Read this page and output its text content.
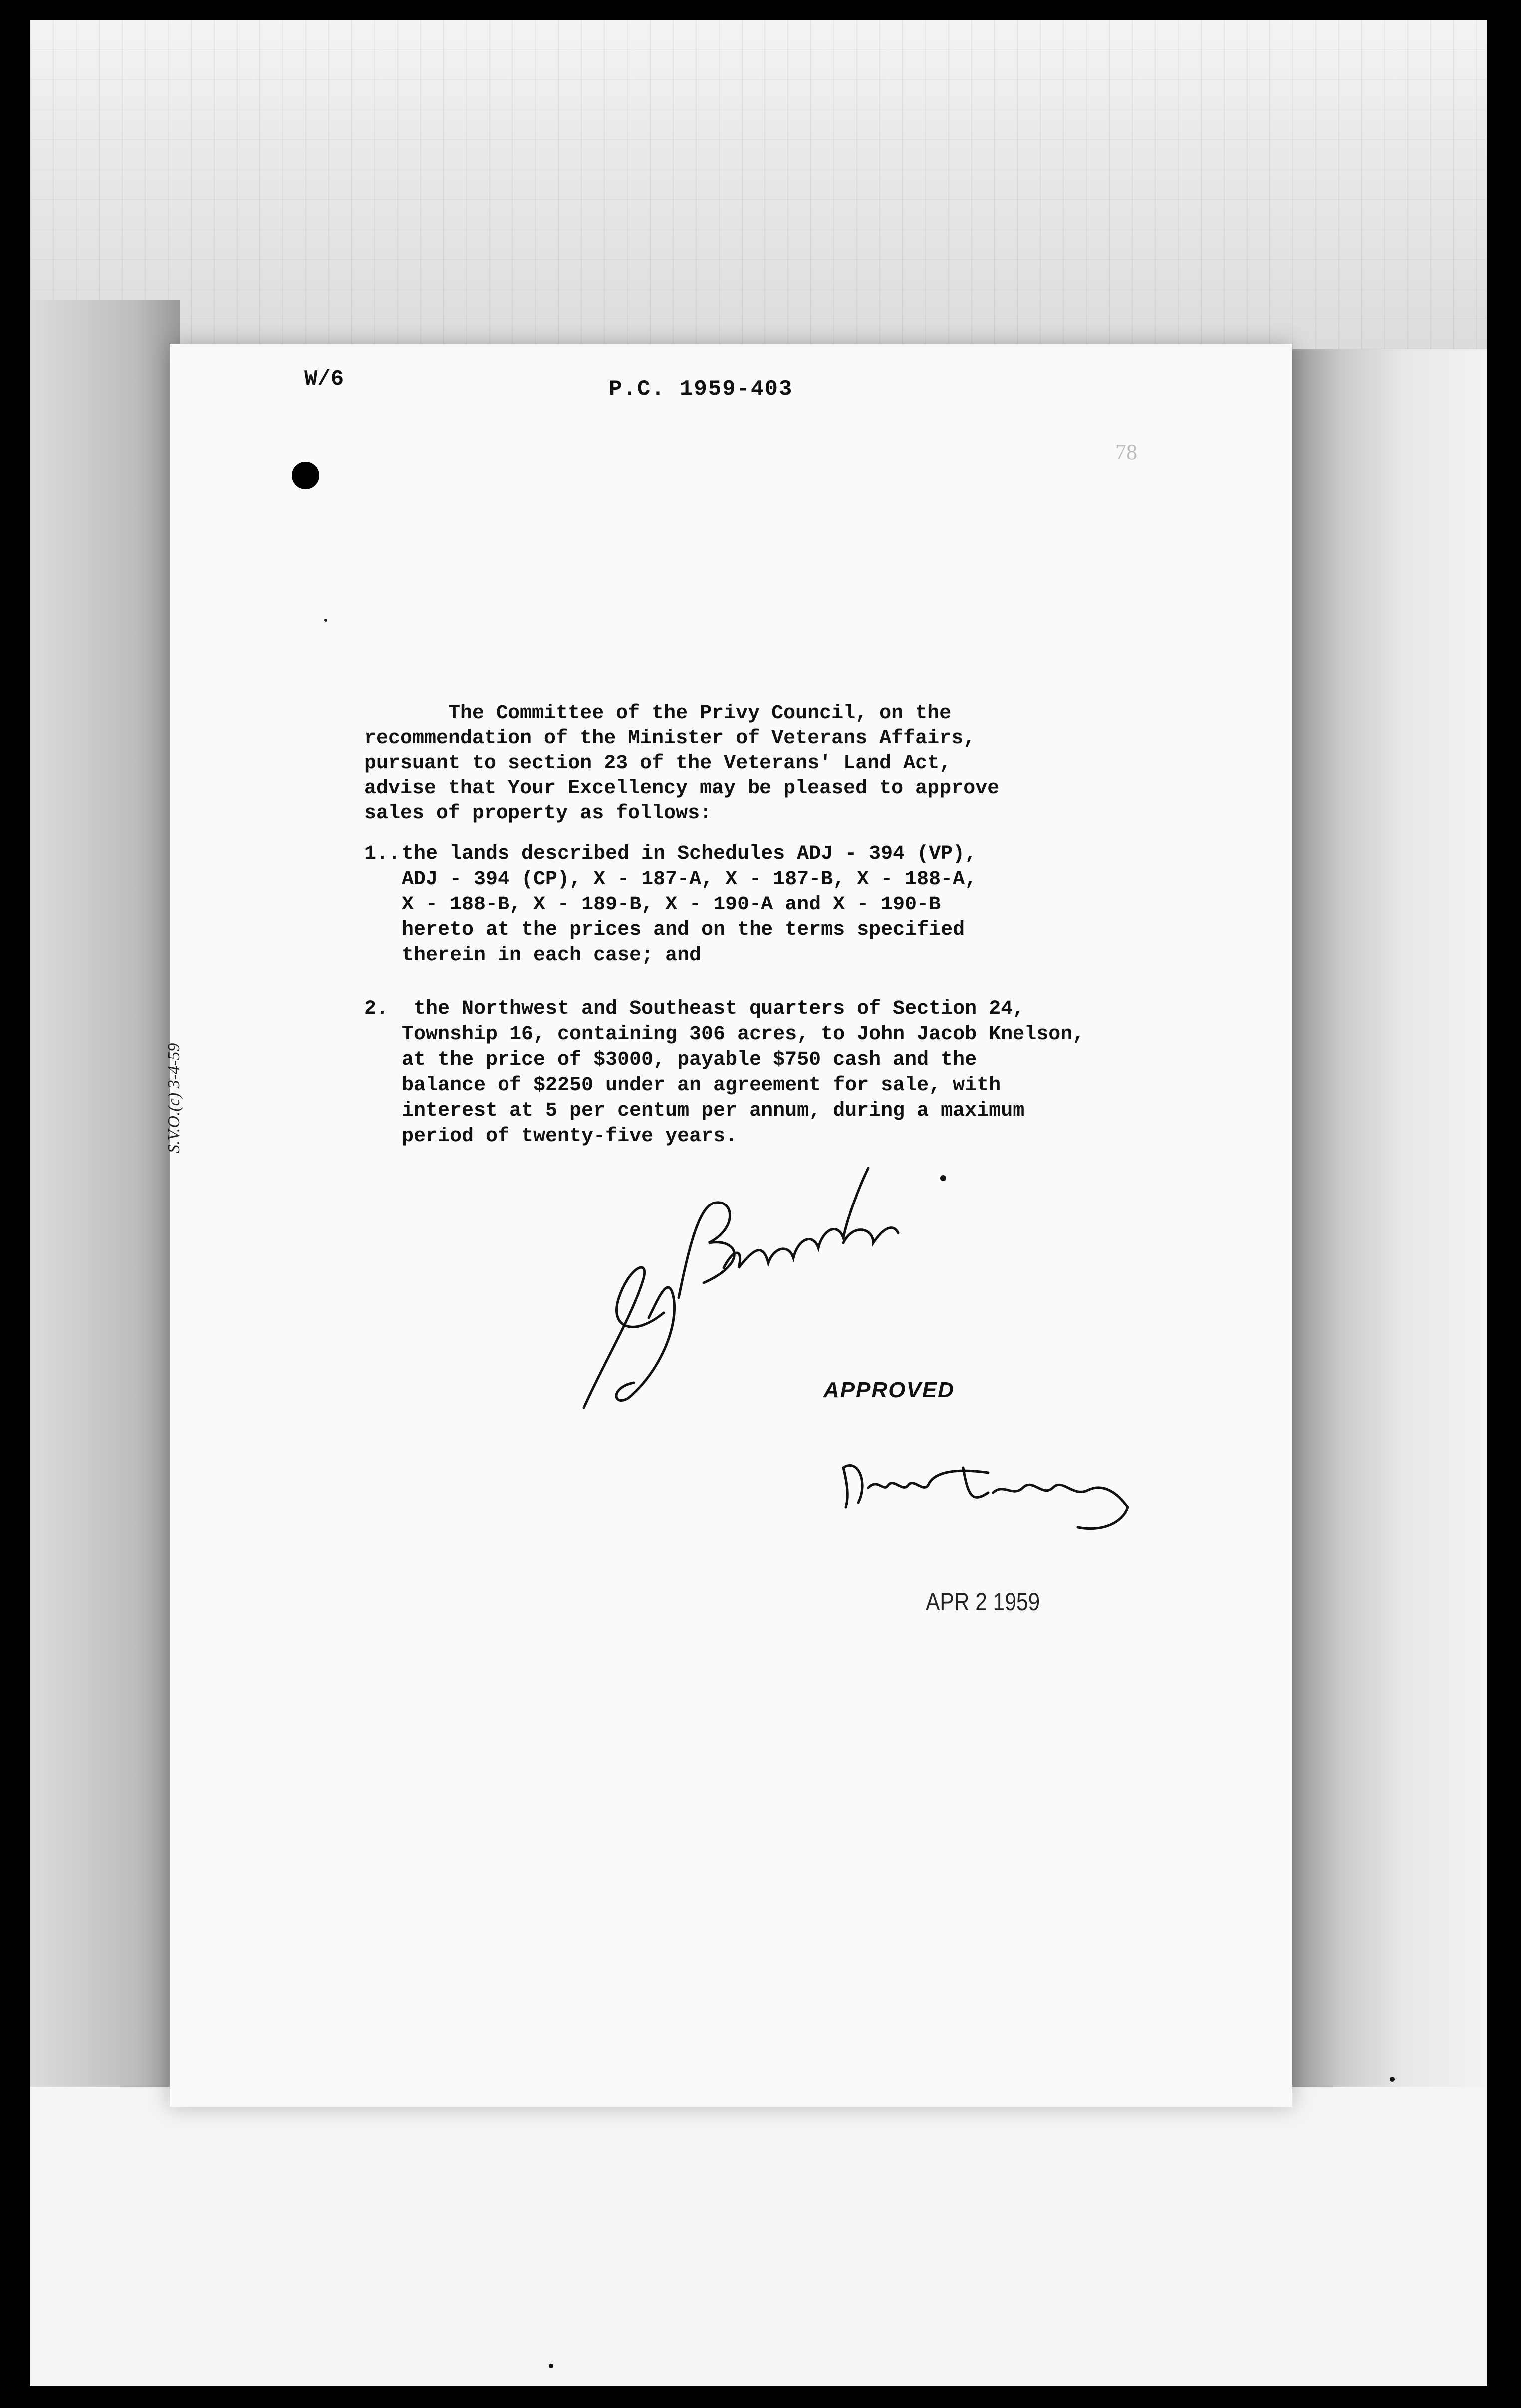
W/6	P.C. 1959-403
78

The Committee of the Privy Council, on the

recommendation of the Minister of Veterans Affairs,

pursuant to section 23 of the Veterans' Land Act,

advise that Your Excellency may be pleased to approve

sales of property as follows:

1.. the lands described in Schedules ADJ - 394 (VP),
ADJ - 394 (CP), X - 187-A, X - 187-B, X - 188-A,
X - 188-B, X - 189-B, X - 190-A and X - 190-B
hereto at the prices and on the terms specified
therein in each case; and
2.	the Northwest and Southeast quarters of Section 24,
Township 16, containing 306 acres, to John Jacob Knelson,
at the price of $3000, payable $750 cash and the
balance of $2250 under an agreement for sale, with
interest at 5 per centum per annum, during a maximum
period of twenty-five years.
S.V.O.(c) 3-4-59
APPROVED
APR 2 1959
